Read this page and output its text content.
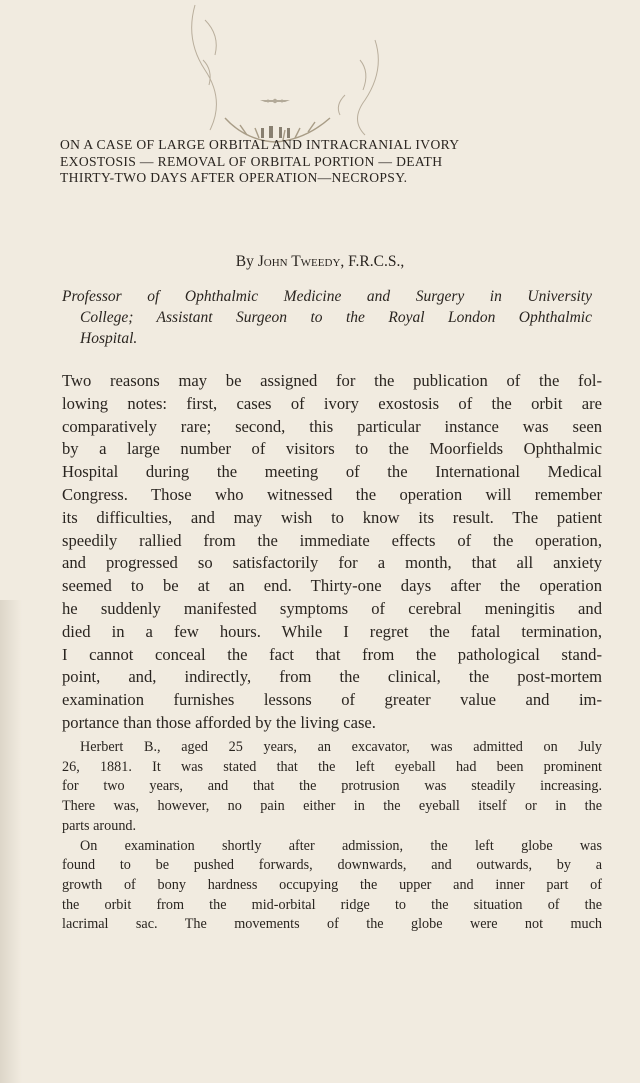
ON A CASE OF LARGE ORBITAL AND INTRACRANIAL IVORY
EXOSTOSIS — REMOVAL OF ORBITAL PORTION — DEATH
THIRTY-TWO DAYS AFTER OPERATION—NECROPSY.
By John Tweedy, F.R.C.S.,
Professor of Ophthalmic Medicine and Surgery in University
College; Assistant Surgeon to the Royal London Ophthalmic
Hospital.
Two reasons may be assigned for the publication of the fol-
lowing notes: first, cases of ivory exostosis of the orbit are
comparatively rare; second, this particular instance was seen
by a large number of visitors to the Moorfields Ophthalmic
Hospital during the meeting of the International Medical
Congress. Those who witnessed the operation will remember
its difficulties, and may wish to know its result. The patient
speedily rallied from the immediate effects of the operation,
and progressed so satisfactorily for a month, that all anxiety
seemed to be at an end. Thirty-one days after the operation
he suddenly manifested symptoms of cerebral meningitis and
died in a few hours. While I regret the fatal termination,
I cannot conceal the fact that from the pathological stand-
point, and, indirectly, from the clinical, the post-mortem
examination furnishes lessons of greater value and im-
portance than those afforded by the living case.
Herbert B., aged 25 years, an excavator, was admitted on July
26, 1881. It was stated that the left eyeball had been prominent
for two years, and that the protrusion was steadily increasing.
There was, however, no pain either in the eyeball itself or in the
parts around.
On examination shortly after admission, the left globe was
found to be pushed forwards, downwards, and outwards, by a
growth of bony hardness occupying the upper and inner part of
the orbit from the mid-orbital ridge to the situation of the
lacrimal sac. The movements of the globe were not much
